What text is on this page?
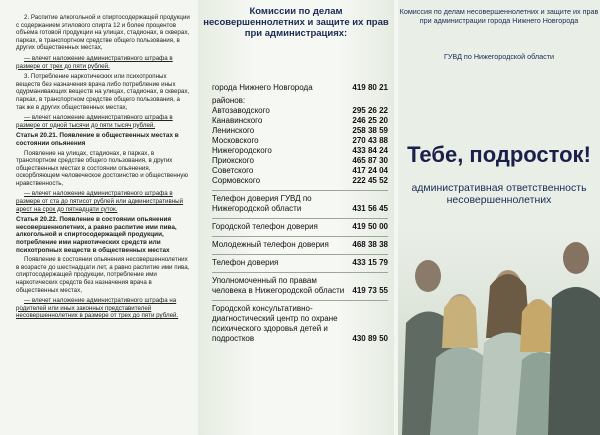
2. Распитие алкогольной и спиртосодержащей продукции с содержанием этилового спирта 12 и более процентов объема готовой продукции на улицах, стадионах, в скверах, парках, в транспортном средстве общего пользования, в других общественных местах,

— влечет наложение административного штрафа в размере от трех до пяти рублей.

3. Потребление наркотических или психотропных веществ без назначения врача либо потребление иных одурманивающих веществ на улицах, стадионах, в скверах, парках, в транспортном средстве общего пользования, а так же в других общественных местах,

— влечет наложение административного штрафа в размере от одной тысячи до пяти тысяч рублей.

Статья 20.21. Появление в общественных местах в состоянии опьянения

Появление на улицах, стадионах, в парках, в транспортном средстве общего пользования, в других общественных местах в состоянии опьянения, оскорбляющем человеческое достоинство и общественную нравственность,

— влечет наложение административного штрафа в размере от ста до пятисот рублей или административный арест на срок до пятнадцати суток.

Статья 20.22. Появление в состоянии опьянения несовершеннолетних, а равно распитие ими пива, алкогольной и спиртосодержащей продукции, потребление ими наркотических средств или психотропных веществ в общественных местах

Появление в состоянии опьянения несовершеннолетних в возрасте до шестнадцати лет, а равно распитие ими пива, спиртосодержащей продукции, потребление ими наркотических средств без назначения врача в общественных местах,

— влечет наложение административного штрафа на родителей или иных законных представителей несовершеннолетних в размере от трех до пяти рублей.

Комиссии по делам несовершеннолетних и защите их прав при администрациях:
города Нижнего Новгорода	419 80 21
районов:
Автозаводского	295 26 22
Канавинского	246 25 20
Ленинского	258 38 59
Московского	270 43 88
Нижегородского	433 84 24
Приокского	465 87 30
Советского	417 24 04
Сормовского	222 45 52
Телефон доверия ГУВД по Нижегородской области	431 56 45
Городской телефон доверия	419 50 00
Молодежный телефон доверия	468 38 38
Телефон доверия	433 15 79
Уполномоченный по правам человека в Нижегородской области	419 73 55
Городской консультативно-диагностический центр по охране психического здоровья детей и подростков	430 89 50
Комиссия по делам несовершеннолетних и защите их прав при администрации города Нижнего Новгорода
ГУВД по Нижегородской области
Тебе, подросток!
административная ответственность несовершеннолетних
